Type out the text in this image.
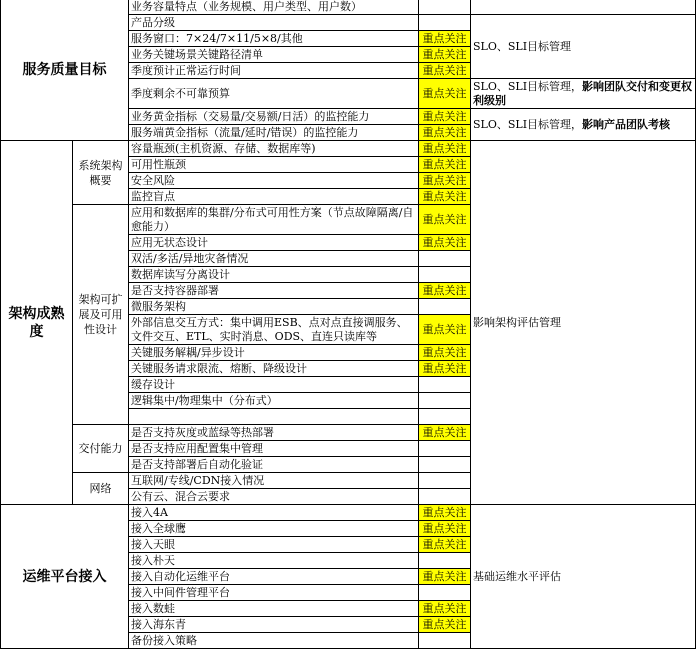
服务质量目标		业务容量特点（业务规模、用户类型、用户数）		
		产品分级		SLO、SLI目标管理
		服务窗口：7×24/7×11/5×8/其他	重点关注	
		业务关键场景关键路径清单	重点关注	
		季度预计正常运行时间	重点关注	
		季度剩余不可靠预算	重点关注	SLO、SLI目标管理，影响团队交付和变更权利级别
		业务黄金指标（交易量/交易额/日活）的监控能力	重点关注	SLO、SLI目标管理，影响产品团队考核
		服务端黄金指标（流量/延时/错误）的监控能力	重点关注	
架构成熟度	系统架构概要	容量瓶颈(主机资源、存储、数据库等)	重点关注	影响架构评估管理
		可用性瓶颈	重点关注	
		安全风险	重点关注	
		监控盲点	重点关注	
	架构可扩展及可用性设计	应用和数据库的集群/分布式可用性方案（节点故障隔离/自愈能力）	重点关注	
		应用无状态设计	重点关注	
		双活/多活/异地灾备情况		
		数据库读写分离设计		
		是否支持容器部署	重点关注	
		微服务架构		
		外部信息交互方式：集中调用ESB、点对点直接调服务、文件交互、ETL、实时消息、ODS、直连只读库等	重点关注	
		关键服务解耦/异步设计	重点关注	
		关键服务请求限流、熔断、降级设计	重点关注	
		缓存设计		
		逻辑集中/物理集中（分布式）		

	交付能力	是否支持灰度或蓝绿等热部署	重点关注	
		是否支持应用配置集中管理		
		是否支持部署后自动化验证		
	网络	互联网/专线/CDN接入情况		
		公有云、混合云要求		
运维平台接入		接入4A	重点关注	基础运维水平评估
		接入全球鹰	重点关注	
		接入天眼	重点关注	
		接入朴天		
		接入自动化运维平台	重点关注	
		接入中间件管理平台		
		接入数蛙	重点关注	
		接入海东青	重点关注	
		备份接入策略		
